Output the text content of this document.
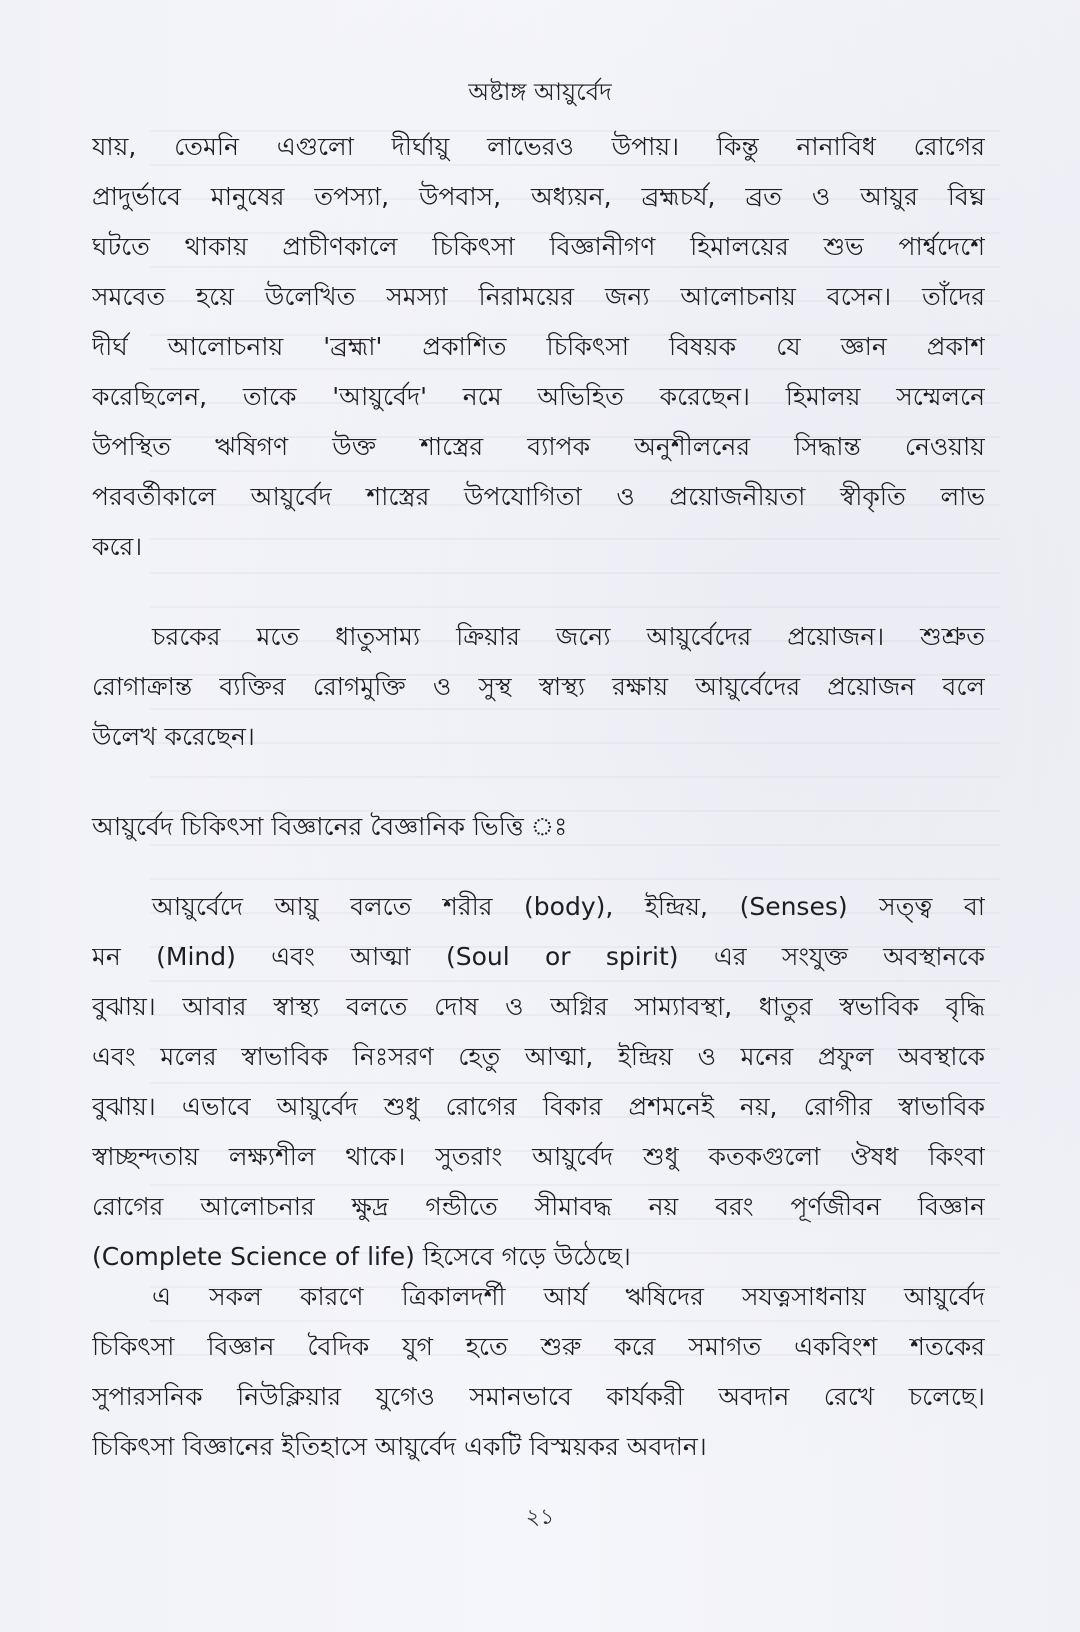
অষ্টাঙ্গ আয়ুর্বেদ
যায়, তেমনি এগুলো দীর্ঘায়ু লাভেরও উপায়। কিন্তু নানাবিধ রোগের
প্রাদুর্ভাবে মানুষের তপস্যা, উপবাস, অধ্যয়ন, ব্রহ্মচর্য, ব্রত ও আয়ুর বিঘ্ন
ঘটতে থাকায় প্রাচীণকালে চিকিৎসা বিজ্ঞানীগণ হিমালয়ের শুভ পার্শ্বদেশে
সমবেত হয়ে উলেখিত সমস্যা নিরাময়ের জন্য আলোচনায় বসেন। তাঁদের
দীর্ঘ আলোচনায় 'ব্রহ্মা' প্রকাশিত চিকিৎসা বিষয়ক যে জ্ঞান প্রকাশ
করেছিলেন, তাকে 'আয়ুর্বেদ' নমে অভিহিত করেছেন। হিমালয় সম্মেলনে
উপস্থিত ঋষিগণ উক্ত শাস্ত্রের ব্যাপক অনুশীলনের সিদ্ধান্ত নেওয়ায়
পরবর্তীকালে আয়ুর্বেদ শাস্ত্রের উপযোগিতা ও প্রয়োজনীয়তা স্বীকৃতি লাভ
করে।
চরকের মতে ধাতুসাম্য ক্রিয়ার জন্যে আয়ুর্বেদের প্রয়োজন। শুশ্রুত
রোগাক্রান্ত ব্যক্তির রোগমুক্তি ও সুস্থ স্বাস্থ্য রক্ষায় আয়ুর্বেদের প্রয়োজন বলে
উলেখ করেছেন।
আয়ুর্বেদ চিকিৎসা বিজ্ঞানের বৈজ্ঞানিক ভিত্তি ঃ
আয়ুর্বেদে আয়ু বলতে শরীর (body), ইন্দ্রিয়, (Senses) সত্ত্ব বা
মন (Mind) এবং আত্মা (Soul or spirit) এর সংযুক্ত অবস্থানকে
বুঝায়। আবার স্বাস্থ্য বলতে দোষ ও অগ্নির সাম্যাবস্থা, ধাতুর স্বভাবিক বৃদ্ধি
এবং মলের স্বাভাবিক নিঃসরণ হেতু আত্মা, ইন্দ্রিয় ও মনের প্রফুল অবস্থাকে
বুঝায়। এভাবে আয়ুর্বেদ শুধু রোগের বিকার প্রশমনেই নয়, রোগীর স্বাভাবিক
স্বাচ্ছন্দতায় লক্ষ্যশীল থাকে। সুতরাং আয়ুর্বেদ শুধু কতকগুলো ঔষধ কিংবা
রোগের আলোচনার ক্ষুদ্র গন্ডীতে সীমাবদ্ধ নয় বরং পূর্ণজীবন বিজ্ঞান
(Complete Science of life) হিসেবে গড়ে উঠেছে।
এ সকল কারণে ত্রিকালদর্শী আর্য ঋষিদের সযত্নসাধনায় আয়ুর্বেদ
চিকিৎসা বিজ্ঞান বৈদিক যুগ হতে শুরু করে সমাগত একবিংশ শতকের
সুপারসনিক নিউক্লিয়ার যুগেও সমানভাবে কার্যকরী অবদান রেখে চলেছে।
চিকিৎসা বিজ্ঞানের ইতিহাসে আয়ুর্বেদ একটি বিস্ময়কর অবদান।
২১
